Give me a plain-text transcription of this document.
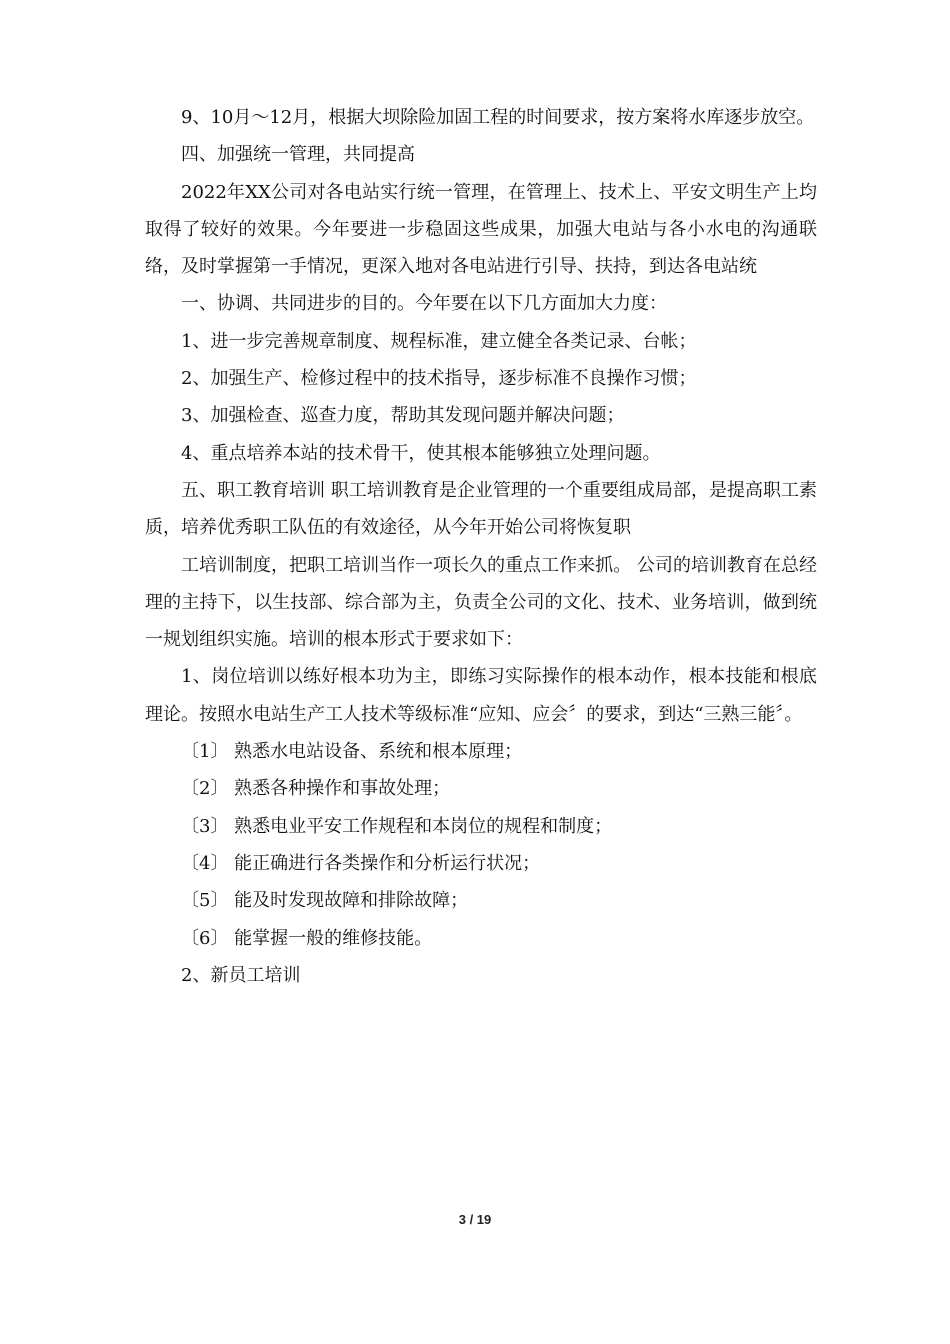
9、10月～12月，根据大坝除险加固工程的时间要求，按方案将水库逐步放空。

四、加强统一管理，共同提高

2022年XX公司对各电站实行统一管理，在管理上、技术上、平安文明生产上均取得了较好的效果。今年要进一步稳固这些成果，加强大电站与各小水电的沟通联络，及时掌握第一手情况，更深入地对各电站进行引导、扶持，到达各电站统

一、协调、共同进步的目的。今年要在以下几方面加大力度：

1、进一步完善规章制度、规程标准，建立健全各类记录、台帐；

2、加强生产、检修过程中的技术指导，逐步标准不良操作习惯；

3、加强检查、巡查力度，帮助其发现问题并解决问题；

4、重点培养本站的技术骨干，使其根本能够独立处理问题。

五、职工教育培训 职工培训教育是企业管理的一个重要组成局部，是提高职工素质，培养优秀职工队伍的有效途径，从今年开始公司将恢复职

工培训制度，把职工培训当作一项长久的重点工作来抓。 公司的培训教育在总经理的主持下，以生技部、综合部为主，负责全公司的文化、技术、业务培训，做到统一规划组织实施。培训的根本形式于要求如下：

1、岗位培训以练好根本功为主，即练习实际操作的根本动作，根本技能和根底理论。按照水电站生产工人技术等级标准“应知、应会〞的要求，到达“三熟三能〞。

〔1〕 熟悉水电站设备、系统和根本原理；

〔2〕 熟悉各种操作和事故处理；

〔3〕 熟悉电业平安工作规程和本岗位的规程和制度；

〔4〕 能正确进行各类操作和分析运行状况；

〔5〕 能及时发现故障和排除故障；

〔6〕 能掌握一般的维修技能。

2、新员工培训

3 / 19
